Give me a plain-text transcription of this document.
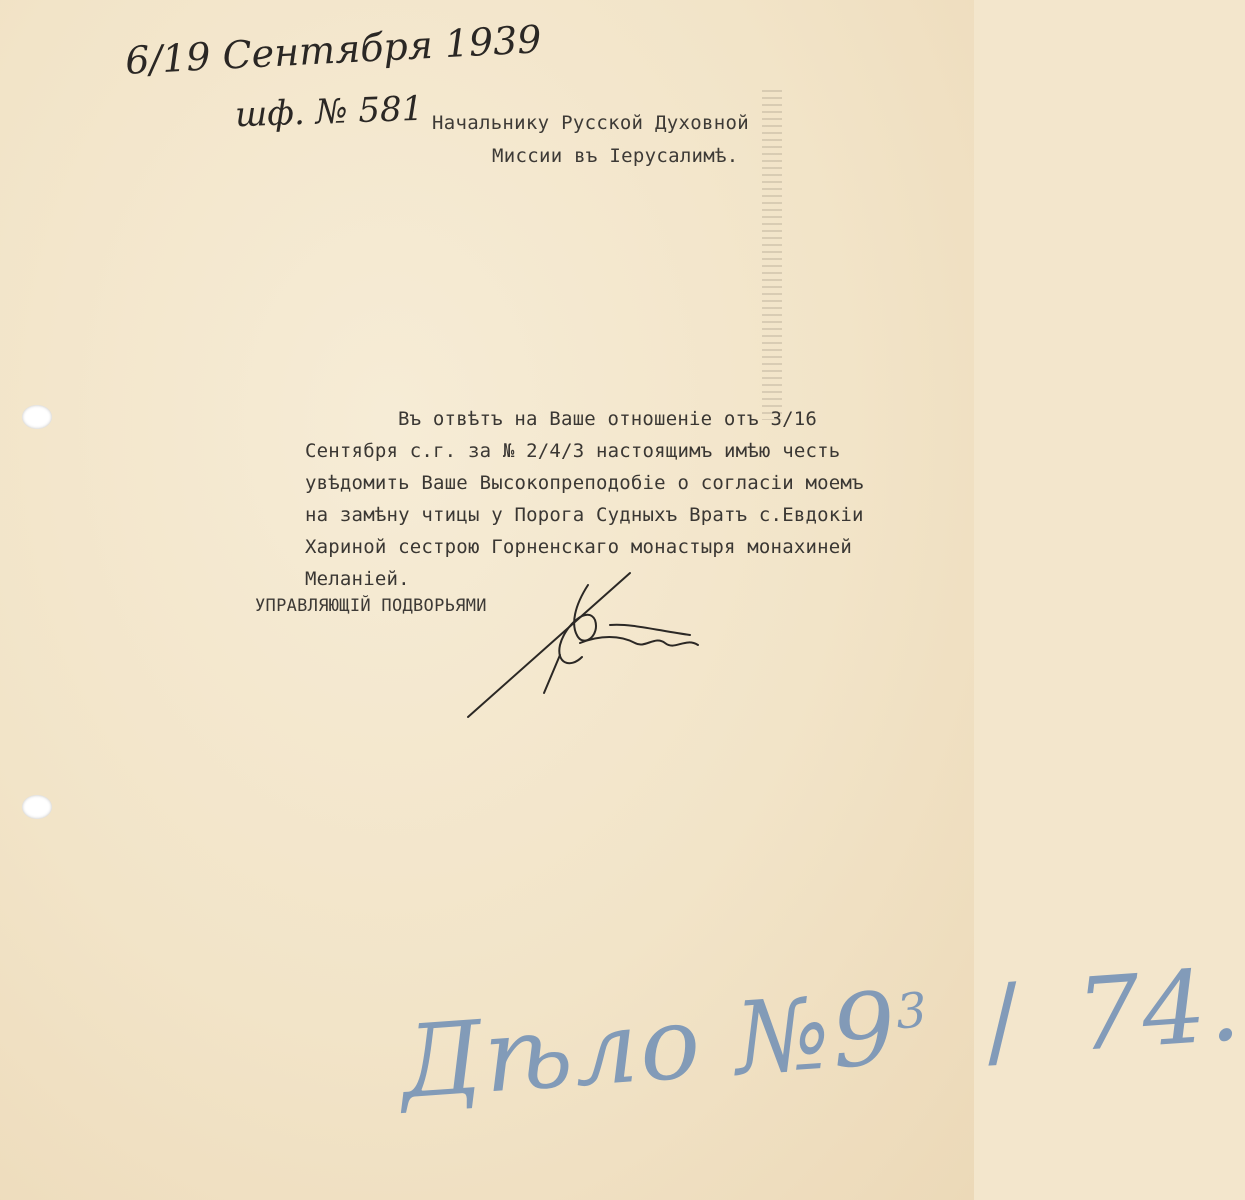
6/19 Сентября 1939
шф. № 581 Начальнику Русской Духовной
Миссии въ Іерусалимѣ.
Въ отвѣтъ на Ваше отношеніе отъ 3/16
Сентября с.г. за № 2/4/3 настоящимъ имѣю честь
увѣдомить Ваше Высокопреподобіе о согласіи моемъ
на замѣну чтицы у Порога Судныхъ Вратъ с.Евдокіи
Хариной сестрою Горненскаго монастыря монахиней
Меланіей.
УПРАВЛЯЮЩІЙ ПОДВОРЬЯМИ
Дѣло $№9^3 / 74$.
